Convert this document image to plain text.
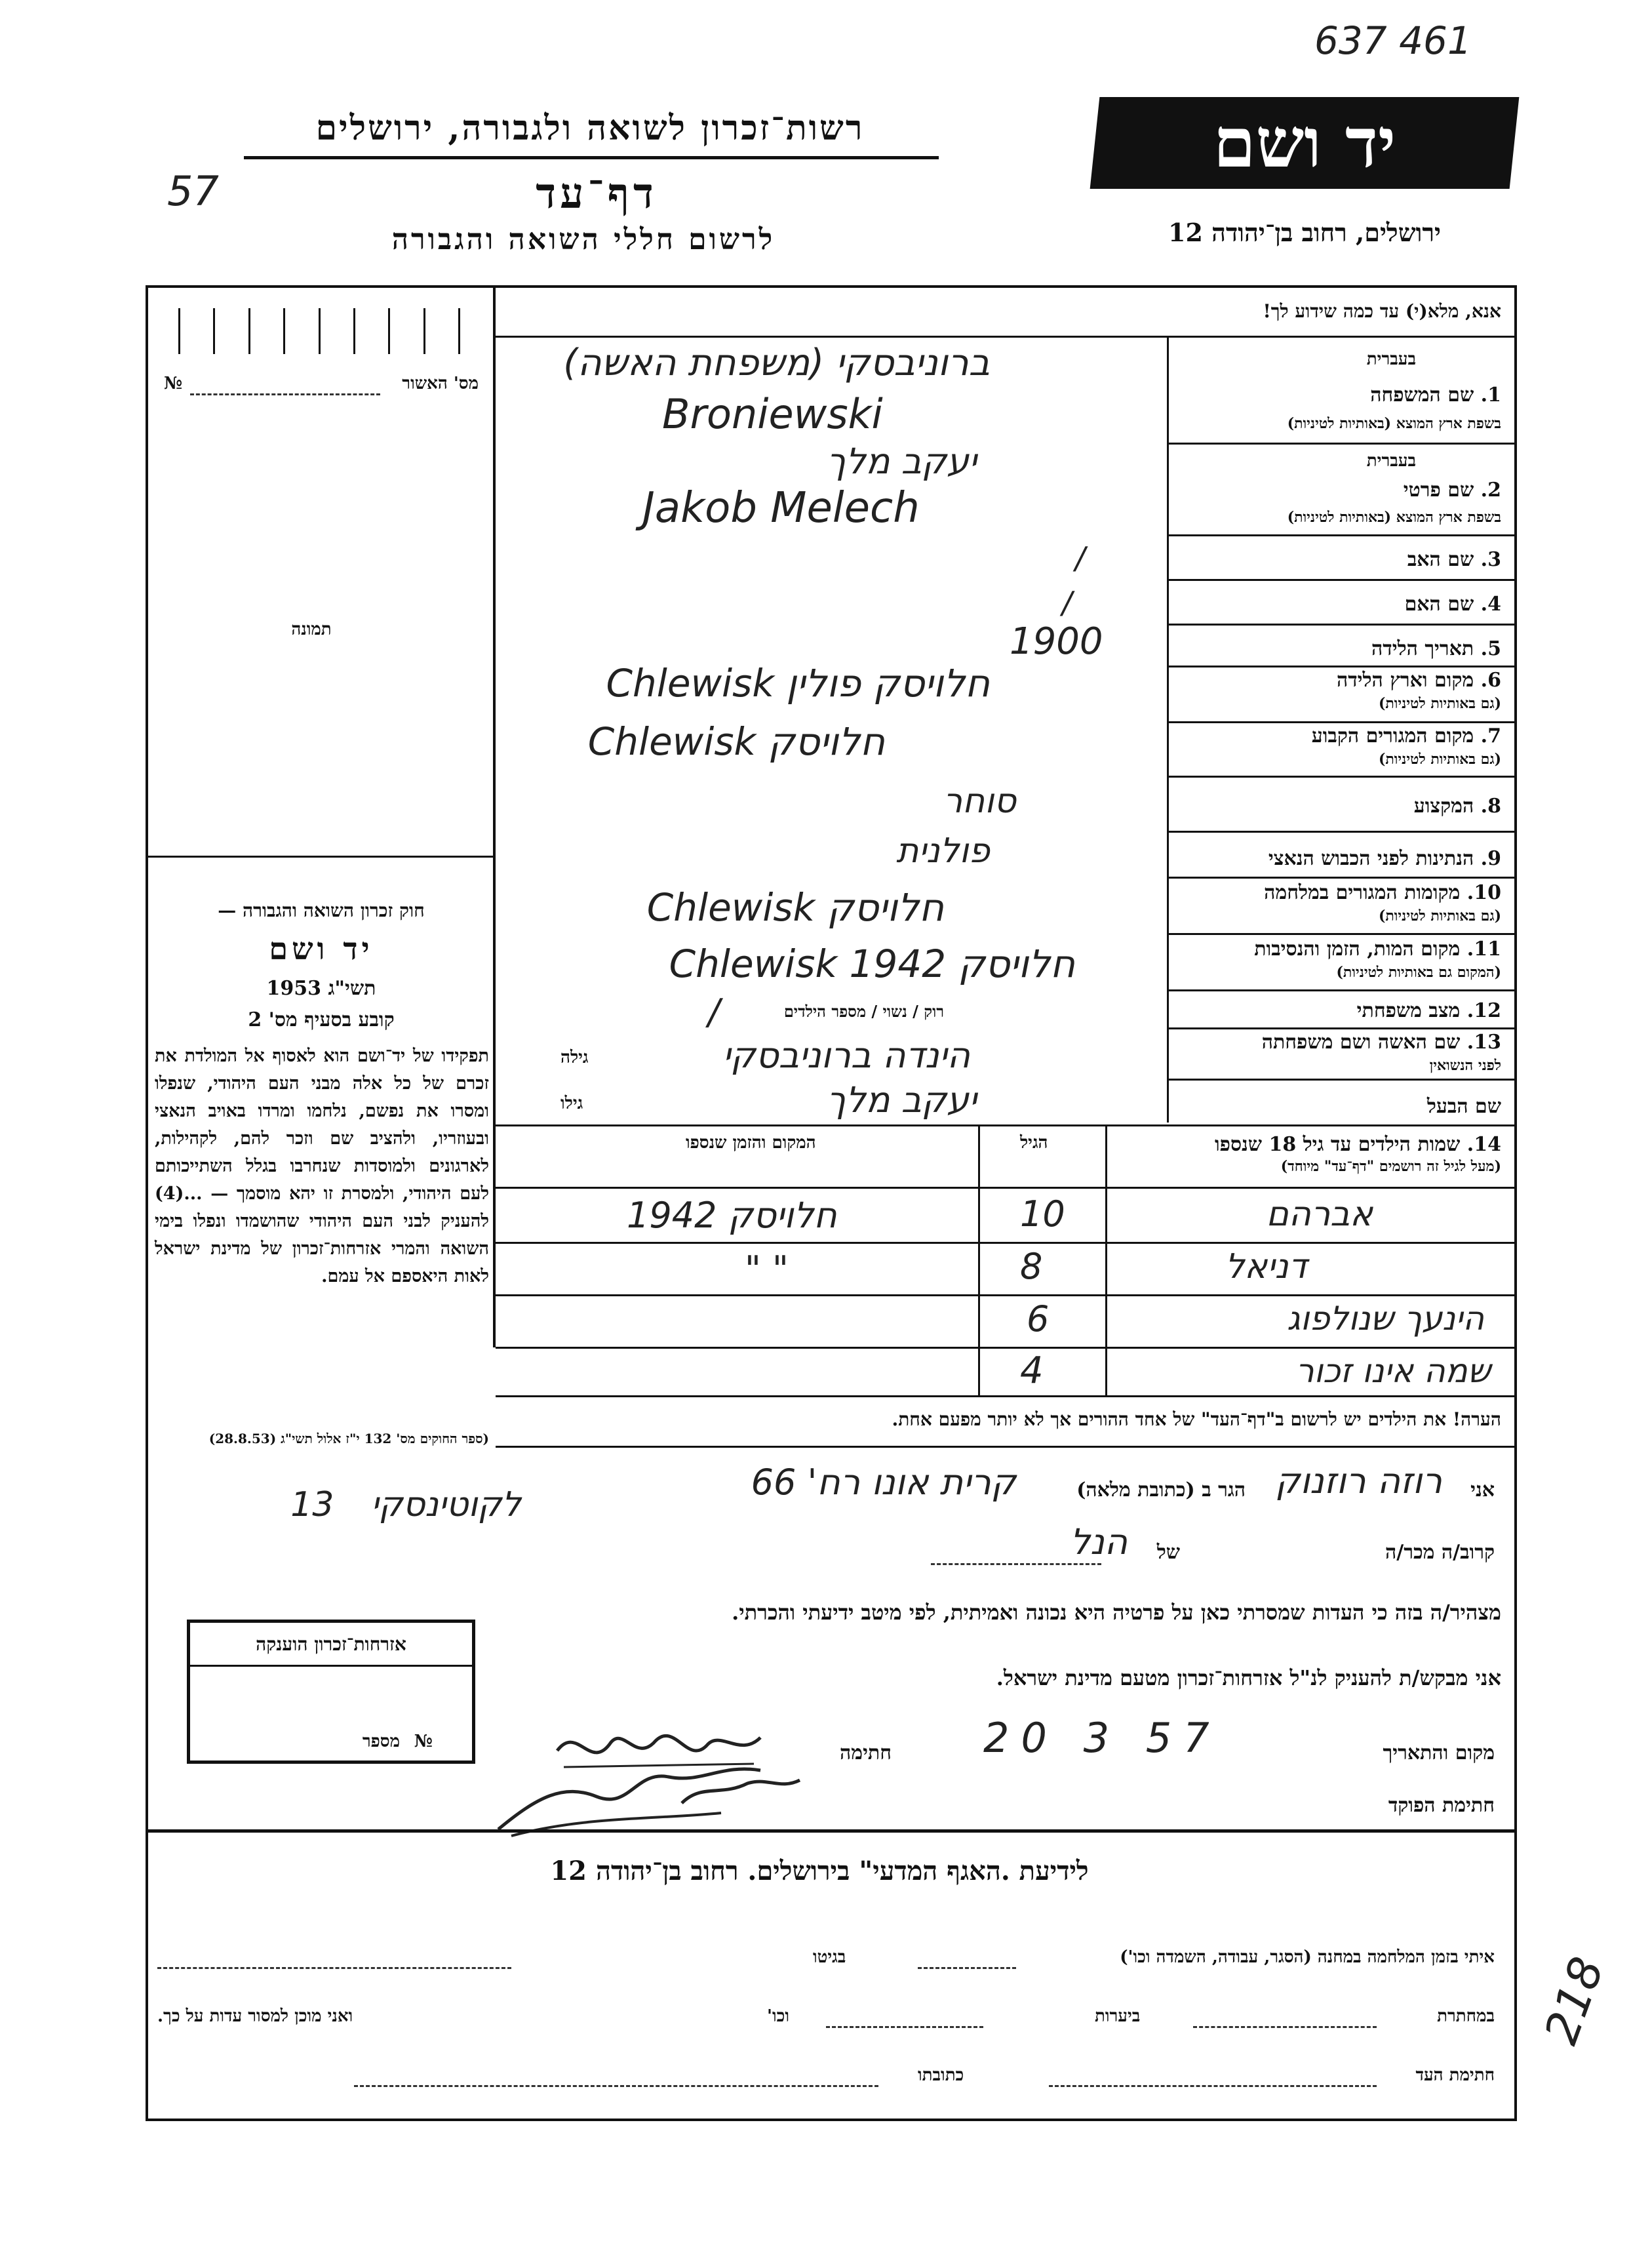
637 461
57
רשות־זכרון לשואה ולגבורה, ירושלים
דף־עד
לרשום חללי השואה והגבורה
יד ושם
ירושלים, רחוב בן־יהודה 12
מס' האשור
№
תמונה
חוק זכרון השואה והגבורה —
יד ושם
תשי"ג 1953
קובע בסעיף מס' 2
תפקידו של יד־ושם הוא לאסוף אל המולדת את זכרם של כל אלה מבני העם היהודי, שנפלו ומסרו את נפשם, נלחמו ומרדו באויב הנאצי ובעוזריו, ולהציב שם וזכר להם, לקהילות, לארגונים ולמוסדות שנחרבו בגלל השתייכותם לעם היהודי, ולמסרת זו יהא מוסמך — ...(4) להעניק לבני העם היהודי שהושמדו ונפלו בימי השואה והמרי אזרחות־זכרון של מדינת ישראל לאות היאספם אל עמם.
(ספר החוקים מס' 132 י"ז אלול תשי"ג (28.8.53)
לקוטינסקי 13
אזרחות־זכרון הוענקה
מספר №
אנא, מלא(י) עד כמה שידוע לך!
1. שם המשפחה
בשפת ארץ המוצא (באותיות לטיניות)
בעברית
ברוניבסקי (משפחת האשה)
Broniewski
2. שם פרטי
בשפת ארץ המוצא (באותיות לטיניות)
בעברית
יעקב מלך
Jakob Melech
3. שם האב
/
4. שם האם
/
5. תאריך הלידה
1900
6. מקום וארץ הלידה
(גם באותיות לטיניות)
Chlewisk חלויסק פולין
7. מקום המגורים הקבוע
(גם באותיות לטיניות)
Chlewisk חלויסק
8. המקצוע
סוחר
9. הנתינות לפני הכבוש הנאצי
פולנית
10. מקומות המגורים במלחמה
(גם באותיות לטיניות)
Chlewisk חלויסק
11. מקום המות, הזמן והנסיבות
(המקום גם באותיות לטיניות)
Chlewisk חלויסק 1942
12. מצב משפחתי
רוק / נשוי / מספר הילדים
/
13. שם האשה ושם משפחתה
לפני הנשואין
גילה	הינדה ברוניבסקי
שם הבעל
גילו	יעקב מלך
14. שמות הילדים עד גיל 18 שנספו
(מעל לגיל זה רושמים "דף־עד" מיוחד)
הגיל
המקום והזמן שנספו
אברהם
10
חלויסק 1942
דניאל
8
" "
הינעך שנולפוג
6
שמה אינו זכור
4
הערה! את הילדים יש לרשום ב"דף־העד" של אחד ההורים אך לא יותר מפעם אחת.
אני
רוזה רוזנוק
הגר ב (כתובת מלאה)
קרית אונו רח' 66
קרוב/ה מכר/ה
של
הנל
מצהיר/ה בזה כי העדות שמסרתי כאן על פרטיה היא נכונה ואמיתית, לפי מיטב ידיעתי והכרתי.
אני מבקש/ת להעניק לנ"ל אזרחות־זכרון מטעם מדינת ישראל.
מקום והתאריך
20 3 57
חתימה
חתימת הפוקד
לידיעת .האגף המדעי" בירושלים. רחוב בן־יהודה 12
איתי בזמן המלחמה במחנה (הסגר, עבודה, השמדה וכו')
בגיטו
במחתרת
ביערות
וכו'
ואני מוכן למסור עדות על כך.
חתימת העד
כתובתו
218
